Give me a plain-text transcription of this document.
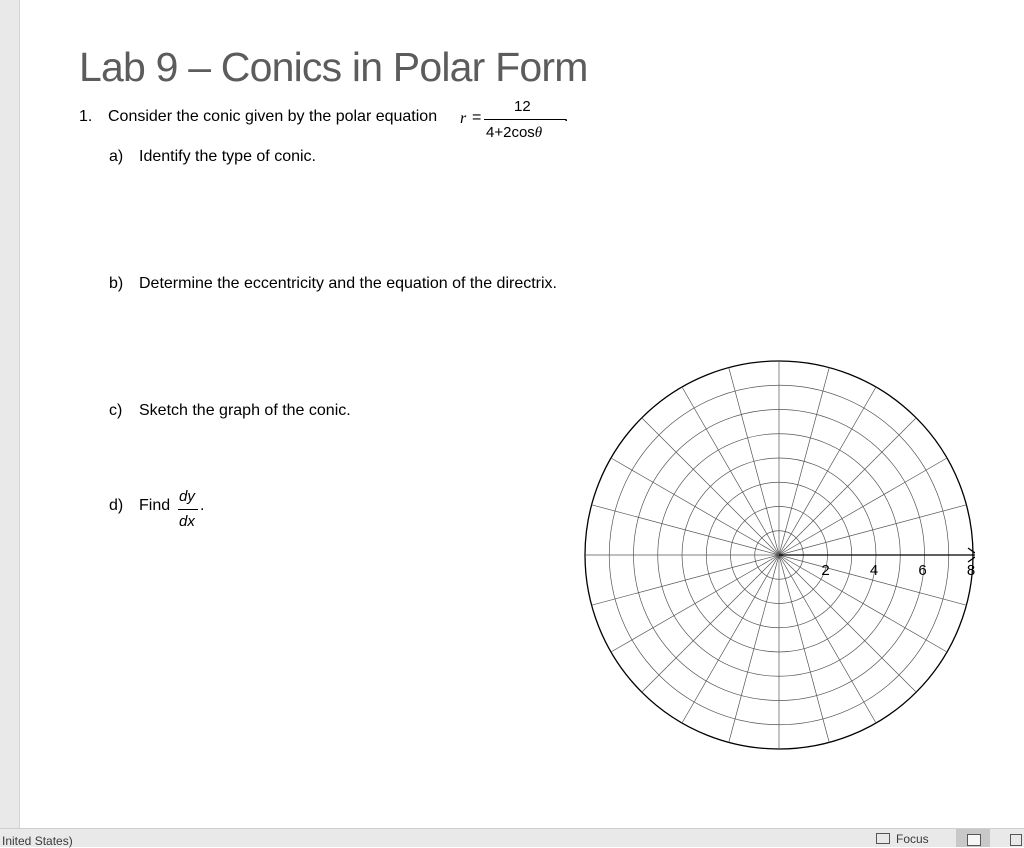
Lab 9 – Conics in Polar Form
1. Consider the conic given by the polar equation r =
12
4+2cosθ
.
a) Identify the type of conic.
b) Determine the eccentricity and the equation of the directrix.
c) Sketch the graph of the conic.
d) Find
dy
dx
.
2	4	6	8
Inited States)	Focus
